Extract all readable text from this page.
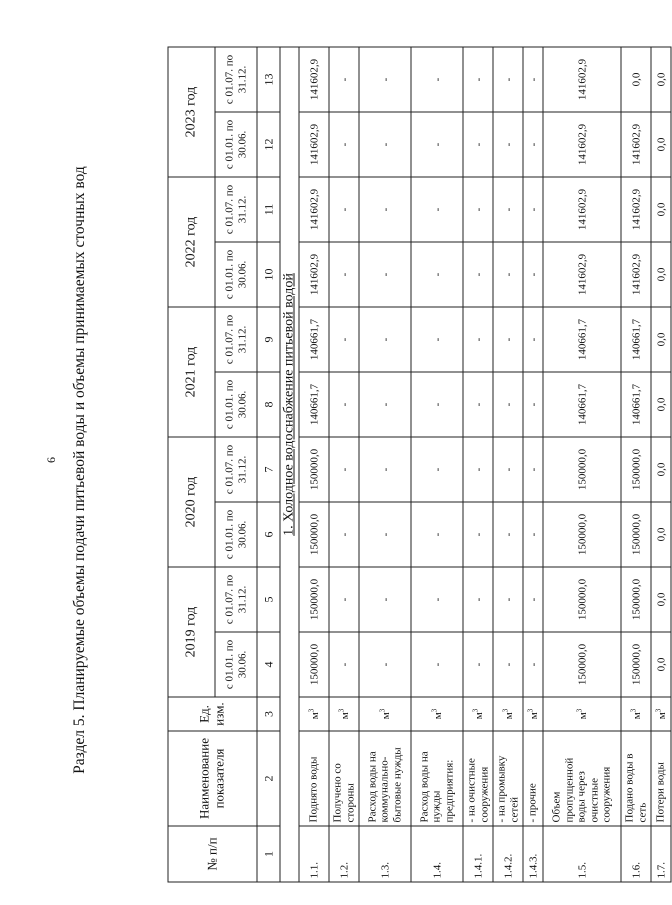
6 Раздел 5. Планируемые объемы подачи питьевой воды и объемы принимаемых сточных вод
№ п/п	Наименование показателя	Ед. изм.	2019 год		2020 год		2021 год		2022 год		2023 год	
			с 01.01. по 30.06.	с 01.07. по 31.12.	с 01.01. по 30.06.	с 01.07. по 31.12.	с 01.01. по 30.06.	с 01.07. по 31.12.	с 01.01. по 30.06.	с 01.07. по 31.12.	с 01.01. по 30.06.	с 01.07. по 31.12.
1	2	3	4	5	6	7	8	9	10	11	12	13
					1. Холодное водоснабжение питьевой водой							
1.1.	Поднято воды	$м^3$	150000,0	150000,0	150000,0	150000,0	140661,7	140661,7	141602,9	141602,9	141602,9	141602,9
1.2.	Получено со стороны	$м^3$	-	-	-	-	-	-	-	-	-	-
1.3.	Расход воды на коммунально-бытовые нужды	$м^3$	-	-	-	-	-	-	-	-	-	-
1.4.	Расход воды на нужды предприятия:	$м^3$	-	-	-	-	-	-	-	-	-	-
1.4.1.	- на очистные сооружения	$м^3$	-	-	-	-	-	-	-	-	-	-
1.4.2.	- на промывку сетей	$м^3$	-	-	-	-	-	-	-	-	-	-
1.4.3.	- прочие	$м^3$	-	-	-	-	-	-	-	-	-	-
1.5.	Объем пропущенной воды через очистные сооружения	$м^3$	150000,0	150000,0	150000,0	150000,0	140661,7	140661,7	141602,9	141602,9	141602,9	141602,9
1.6.	Подано воды в сеть	$м^3$	150000,0	150000,0	150000,0	150000,0	140661,7	140661,7	141602,9	141602,9	141602,9	0,0
1.7.	Потери воды	$м^3$	0,0	0,0	0,0	0,0	0,0	0,0	0,0	0,0	0,0	0,0
